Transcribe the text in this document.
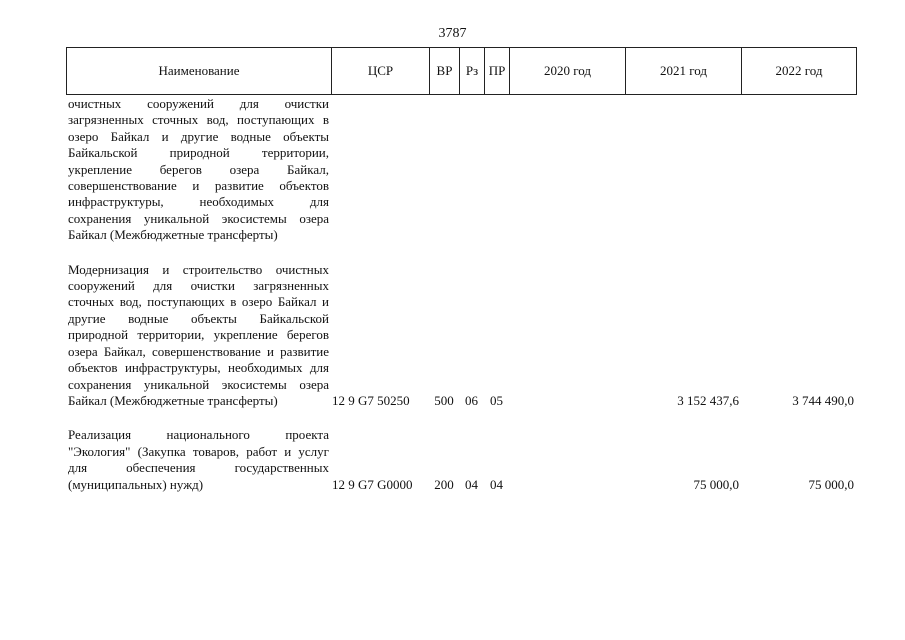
3787
Наименование	ЦСР	ВР	Рз	ПР	2020 год	2021 год	2022 год
очистных сооружений для очистки загрязненных сточных вод, поступающих в озеро Байкал и другие водные объекты Байкальской природной территории, укрепление берегов озера Байкал, совершенствование и развитие объектов инфраструктуры, необходимых для сохранения уникальной экосистемы озера Байкал (Межбюджетные трансферты)							
Модернизация и строительство очистных сооружений для очистки загрязненных сточных вод, поступающих в озеро Байкал и другие водные объекты Байкальской природной территории, укрепление берегов озера Байкал, совершенствование и развитие объектов инфраструктуры, необходимых для сохранения уникальной экосистемы озера Байкал (Межбюджетные трансферты)	12 9 G7 50250	500	06	05		3 152 437,6	3 744 490,0
Реализация национального проекта "Экология" (Закупка товаров, работ и услуг для обеспечения государственных (муниципальных) нужд)	12 9 G7 G0000	200	04	04		75 000,0	75 000,0
